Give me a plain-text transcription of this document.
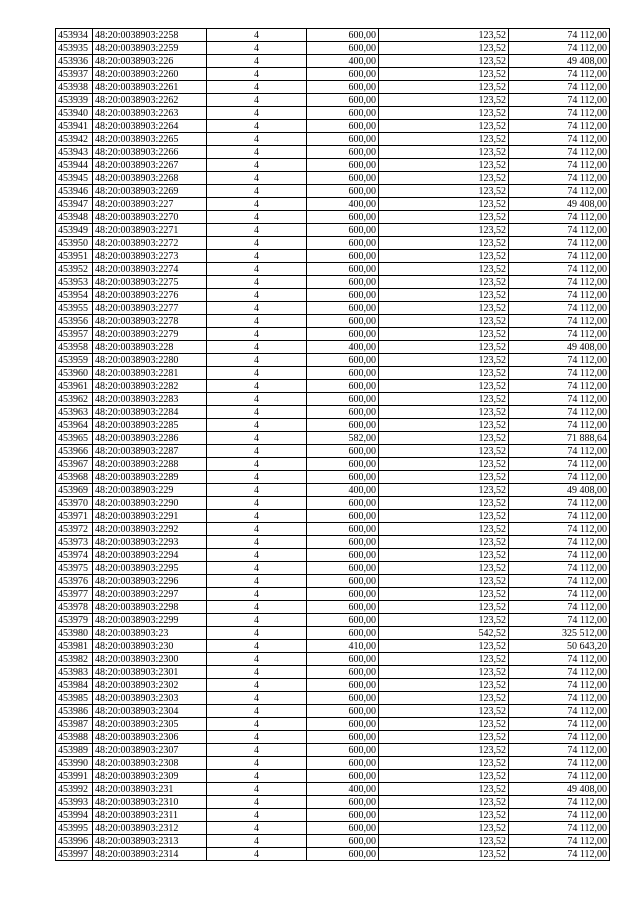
453934	48:20:0038903:2258	4	600,00	123,52	74 112,00
453935	48:20:0038903:2259	4	600,00	123,52	74 112,00
453936	48:20:0038903:226	4	400,00	123,52	49 408,00
453937	48:20:0038903:2260	4	600,00	123,52	74 112,00
453938	48:20:0038903:2261	4	600,00	123,52	74 112,00
453939	48:20:0038903:2262	4	600,00	123,52	74 112,00
453940	48:20:0038903:2263	4	600,00	123,52	74 112,00
453941	48:20:0038903:2264	4	600,00	123,52	74 112,00
453942	48:20:0038903:2265	4	600,00	123,52	74 112,00
453943	48:20:0038903:2266	4	600,00	123,52	74 112,00
453944	48:20:0038903:2267	4	600,00	123,52	74 112,00
453945	48:20:0038903:2268	4	600,00	123,52	74 112,00
453946	48:20:0038903:2269	4	600,00	123,52	74 112,00
453947	48:20:0038903:227	4	400,00	123,52	49 408,00
453948	48:20:0038903:2270	4	600,00	123,52	74 112,00
453949	48:20:0038903:2271	4	600,00	123,52	74 112,00
453950	48:20:0038903:2272	4	600,00	123,52	74 112,00
453951	48:20:0038903:2273	4	600,00	123,52	74 112,00
453952	48:20:0038903:2274	4	600,00	123,52	74 112,00
453953	48:20:0038903:2275	4	600,00	123,52	74 112,00
453954	48:20:0038903:2276	4	600,00	123,52	74 112,00
453955	48:20:0038903:2277	4	600,00	123,52	74 112,00
453956	48:20:0038903:2278	4	600,00	123,52	74 112,00
453957	48:20:0038903:2279	4	600,00	123,52	74 112,00
453958	48:20:0038903:228	4	400,00	123,52	49 408,00
453959	48:20:0038903:2280	4	600,00	123,52	74 112,00
453960	48:20:0038903:2281	4	600,00	123,52	74 112,00
453961	48:20:0038903:2282	4	600,00	123,52	74 112,00
453962	48:20:0038903:2283	4	600,00	123,52	74 112,00
453963	48:20:0038903:2284	4	600,00	123,52	74 112,00
453964	48:20:0038903:2285	4	600,00	123,52	74 112,00
453965	48:20:0038903:2286	4	582,00	123,52	71 888,64
453966	48:20:0038903:2287	4	600,00	123,52	74 112,00
453967	48:20:0038903:2288	4	600,00	123,52	74 112,00
453968	48:20:0038903:2289	4	600,00	123,52	74 112,00
453969	48:20:0038903:229	4	400,00	123,52	49 408,00
453970	48:20:0038903:2290	4	600,00	123,52	74 112,00
453971	48:20:0038903:2291	4	600,00	123,52	74 112,00
453972	48:20:0038903:2292	4	600,00	123,52	74 112,00
453973	48:20:0038903:2293	4	600,00	123,52	74 112,00
453974	48:20:0038903:2294	4	600,00	123,52	74 112,00
453975	48:20:0038903:2295	4	600,00	123,52	74 112,00
453976	48:20:0038903:2296	4	600,00	123,52	74 112,00
453977	48:20:0038903:2297	4	600,00	123,52	74 112,00
453978	48:20:0038903:2298	4	600,00	123,52	74 112,00
453979	48:20:0038903:2299	4	600,00	123,52	74 112,00
453980	48:20:0038903:23	4	600,00	542,52	325 512,00
453981	48:20:0038903:230	4	410,00	123,52	50 643,20
453982	48:20:0038903:2300	4	600,00	123,52	74 112,00
453983	48:20:0038903:2301	4	600,00	123,52	74 112,00
453984	48:20:0038903:2302	4	600,00	123,52	74 112,00
453985	48:20:0038903:2303	4	600,00	123,52	74 112,00
453986	48:20:0038903:2304	4	600,00	123,52	74 112,00
453987	48:20:0038903:2305	4	600,00	123,52	74 112,00
453988	48:20:0038903:2306	4	600,00	123,52	74 112,00
453989	48:20:0038903:2307	4	600,00	123,52	74 112,00
453990	48:20:0038903:2308	4	600,00	123,52	74 112,00
453991	48:20:0038903:2309	4	600,00	123,52	74 112,00
453992	48:20:0038903:231	4	400,00	123,52	49 408,00
453993	48:20:0038903:2310	4	600,00	123,52	74 112,00
453994	48:20:0038903:2311	4	600,00	123,52	74 112,00
453995	48:20:0038903:2312	4	600,00	123,52	74 112,00
453996	48:20:0038903:2313	4	600,00	123,52	74 112,00
453997	48:20:0038903:2314	4	600,00	123,52	74 112,00
